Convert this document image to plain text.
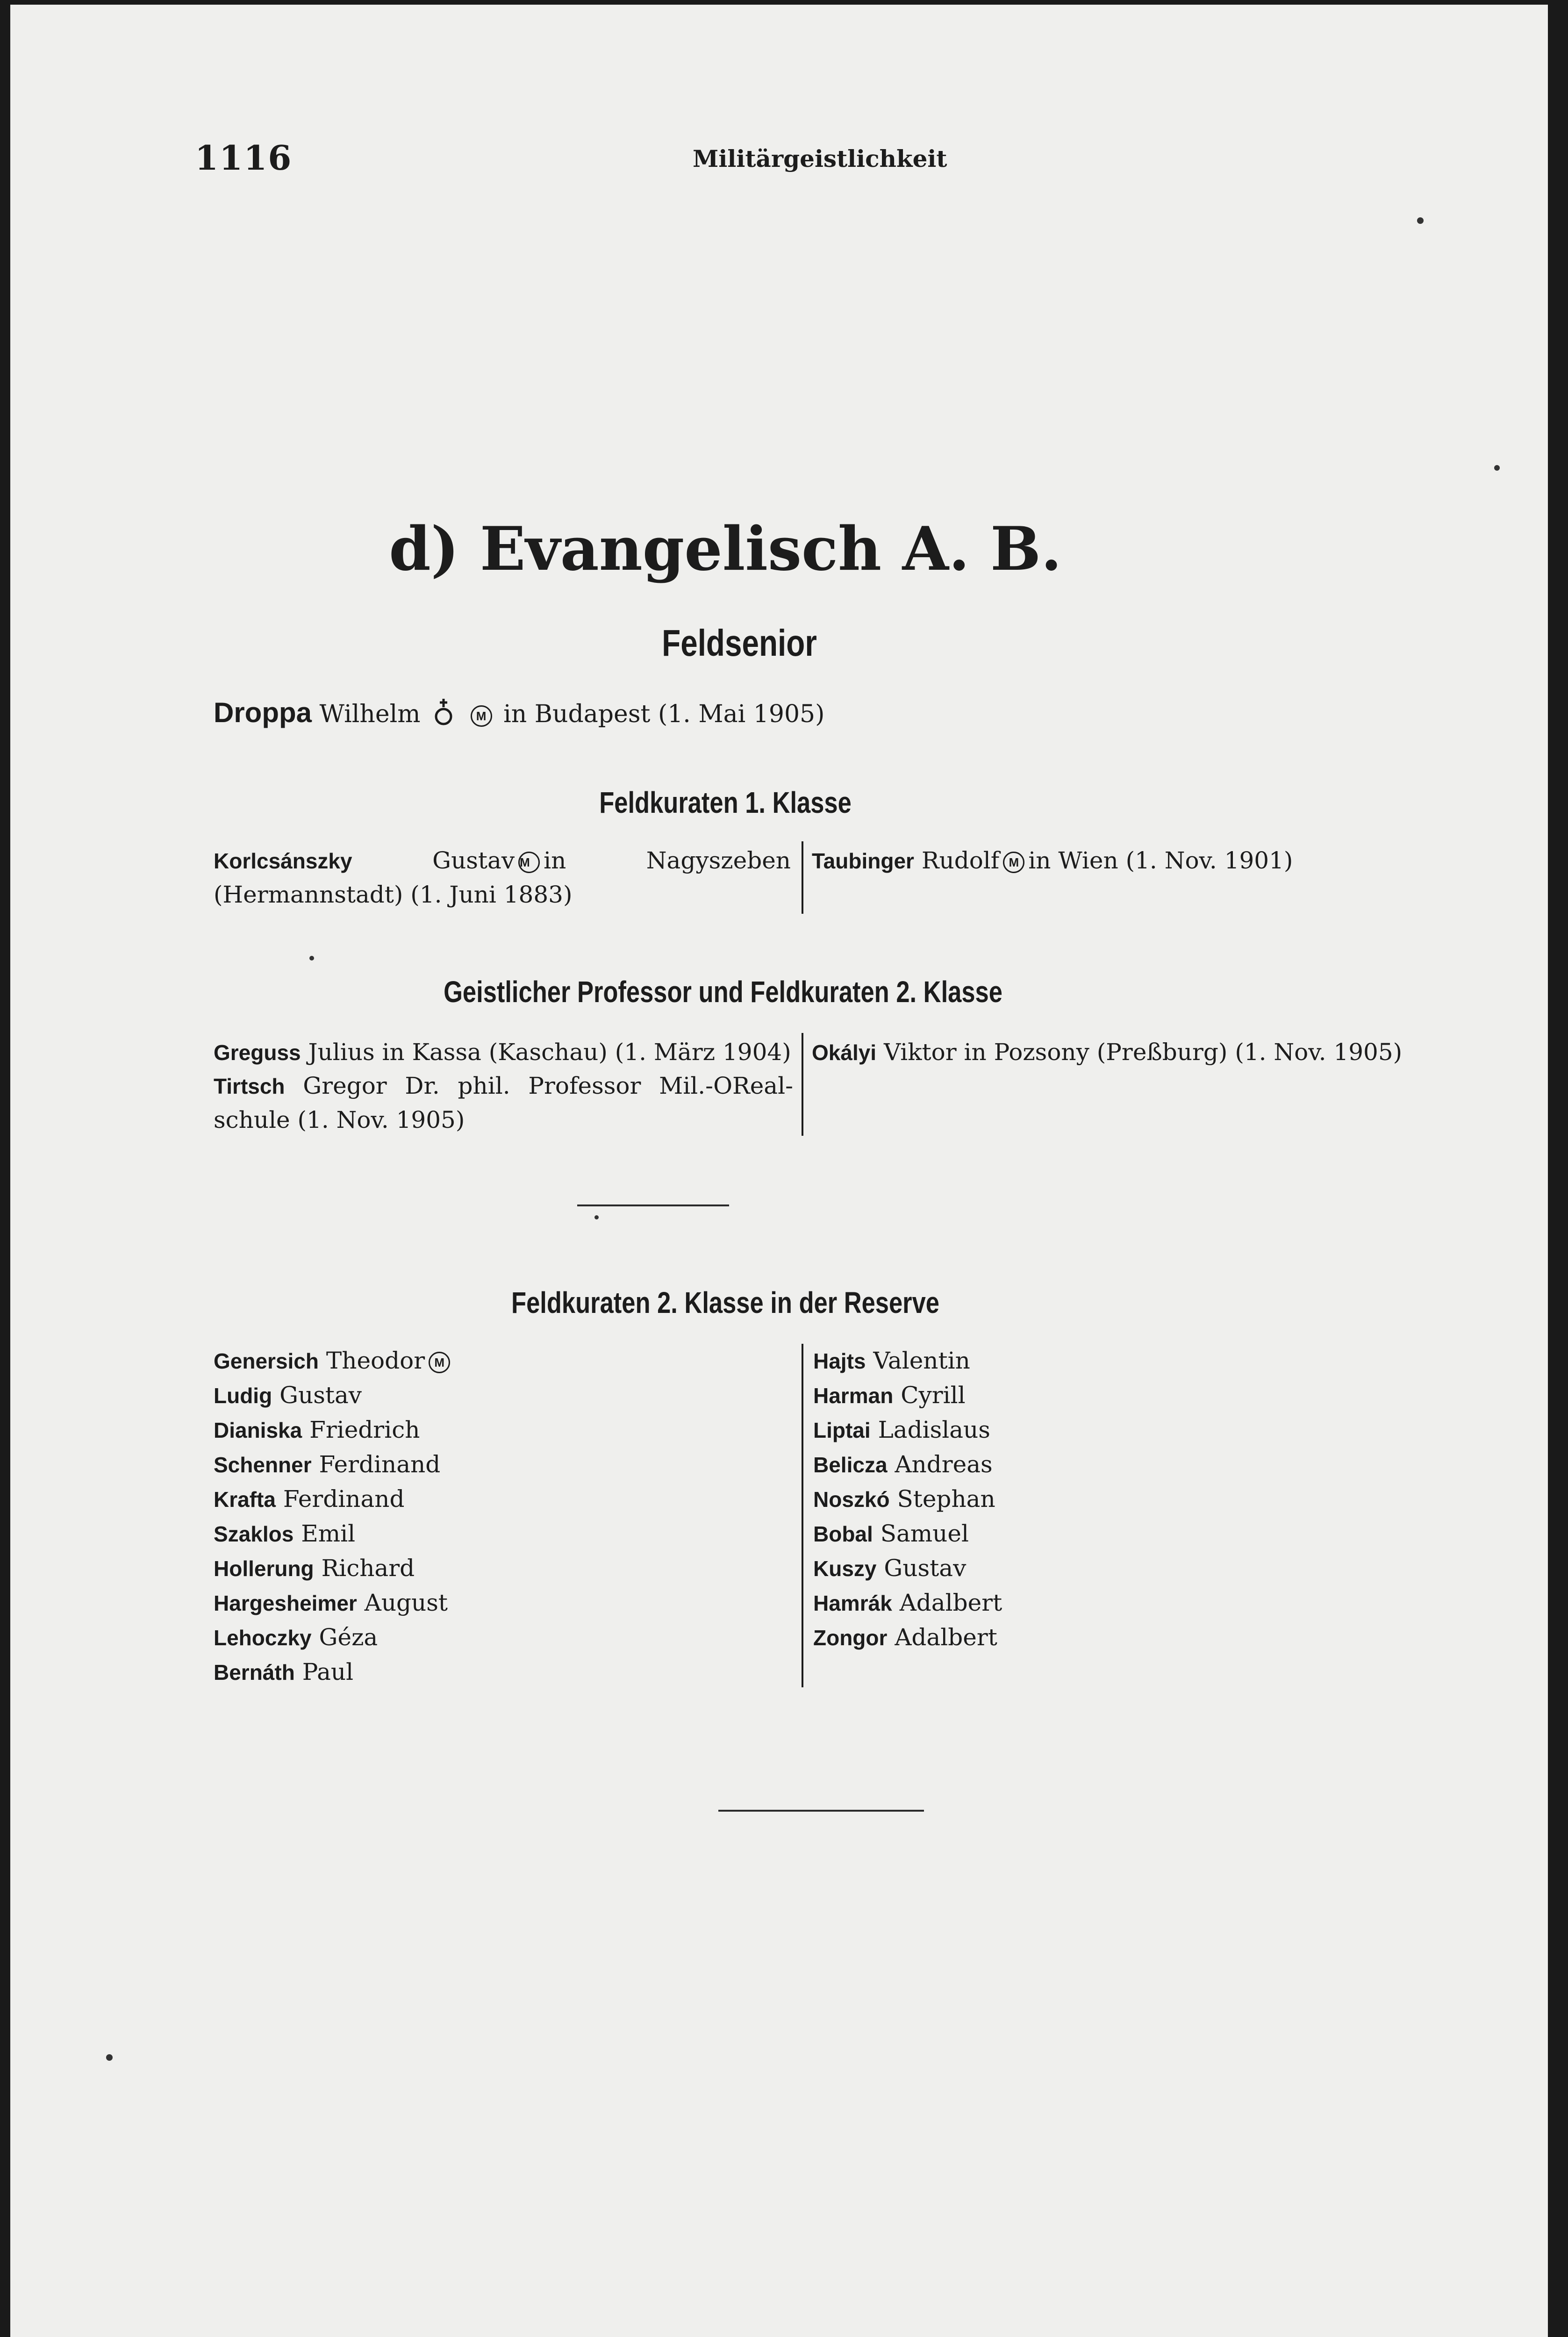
1116	Militärgeistlichkeit
d) Evangelisch A. B.
Feldsenior
Droppa Wilhelm	M in Budapest (1. Mai 1905)
Feldkuraten 1. Klasse
Korlcsánszky	Gustav M in Nagyszeben (Hermannstadt) (1. Juni 1883)
Taubinger Rudolf M in Wien (1. Nov. 1901)
Geistlicher Professor und Feldkuraten 2. Klasse
Greguss Julius in Kassa (Kaschau) (1. März 1904)
Tirtsch Gregor Dr. phil. Professor Mil.-OReal-schule (1. Nov. 1905)
Okályi Viktor in Pozsony (Preßburg) (1. Nov. 1905)
Feldkuraten 2. Klasse in der Reserve
Genersich Theodor M
Ludig Gustav
Dianiska Friedrich
Schenner Ferdinand
Krafta Ferdinand
Szaklos Emil
Hollerung Richard
Hargesheimer August
Lehoczky Géza
Bernáth Paul
Hajts Valentin
Harman Cyrill
Liptai Ladislaus
Belicza Andreas
Noszkó Stephan
Bobal Samuel
Kuszy Gustav
Hamrák Adalbert
Zongor Adalbert
